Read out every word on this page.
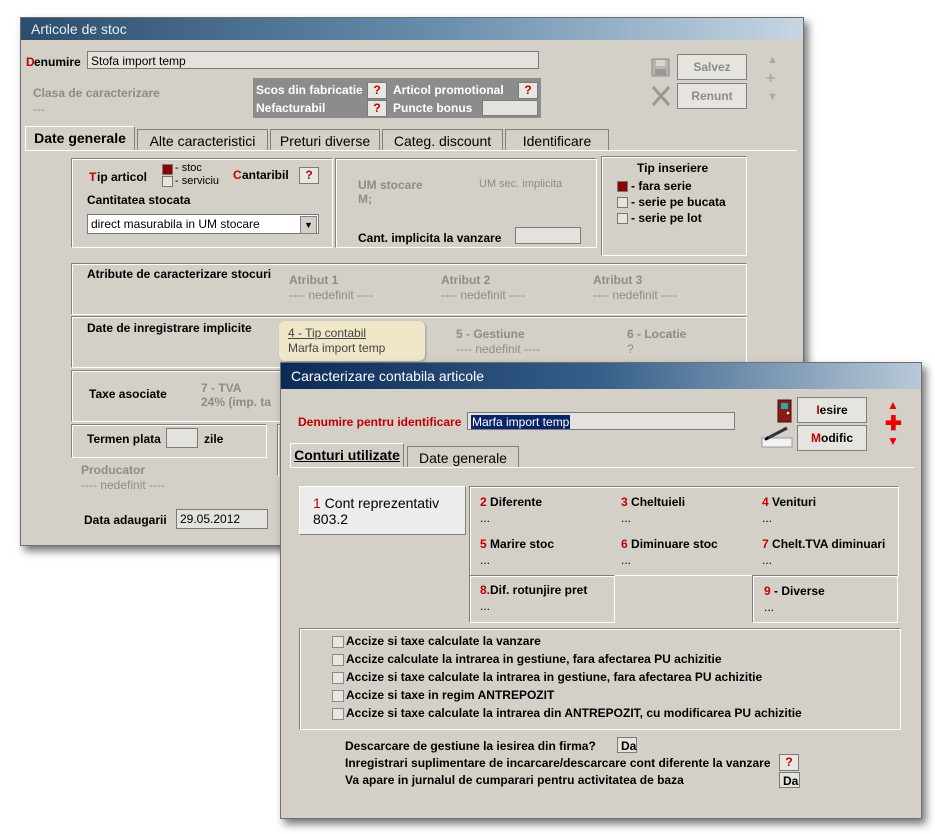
Articole de stoc
D enumire Stofa import temp
Clasa de caracterizare
---
Scos din fabricatie ?	Articol promotional	?
Nefacturabil	?	Puncte bonus
Salvez
Renunt
▲
+
▼
Date generale	Alte caracteristici	Preturi diverse	Categ. discount	Identificare
T ip articol
- stoc
- serviciu C antaribil	?
Cantitatea stocata
direct masurabila in UM stocare	▼
UM stocare
M;
UM sec. implicita
Cant. implicita la vanzare
Tip inseriere
- fara serie
- serie pe bucata
- serie pe lot
Atribute de caracterizare stocuri Atribut 1
---- nedefinit ----
Atribut 2
---- nedefinit ----
Atribut 3
---- nedefinit ----
Date de inregistrare implicite	4 - Tip contabil
Marfa import temp
5 - Gestiune
---- nedefinit ----
6 - Locatie
?
Taxe asociate	7 - TVA
24% (imp. ta
Termen plata	zile
Producator
---- nedefinit ----
Data adaugarii	29.05.2012
Caracterizare contabila articole
Denumire pentru identificare Marfa import temp
Iesire
Modific
▲
✚
▼
Conturi utilizate	Date generale
1 Cont reprezentativ
803.2
2 Diferente
...
3 Cheltuieli
...
4 Venituri
...
5 Marire stoc
...
6 Diminuare stoc
...
7 Chelt.TVA diminuari
...
8.Dif. rotunjire pret
...
9 - Diverse
...
Accize si taxe calculate la vanzare
Accize calculate la intrarea in gestiune, fara afectarea PU achizitie
Accize si taxe calculate la intrarea in gestiune, fara afectarea PU achizitie
Accize si taxe in regim ANTREPOZIT
Accize si taxe calculate la intrarea din ANTREPOZIT, cu modificarea PU achizitie
Descarcare de gestiune la iesirea din firma?	Da
Inregistrari suplimentare de incarcare/descarcare cont diferente la vanzare	?
Va apare in jurnalul de cumparari pentru activitatea de baza	Da
